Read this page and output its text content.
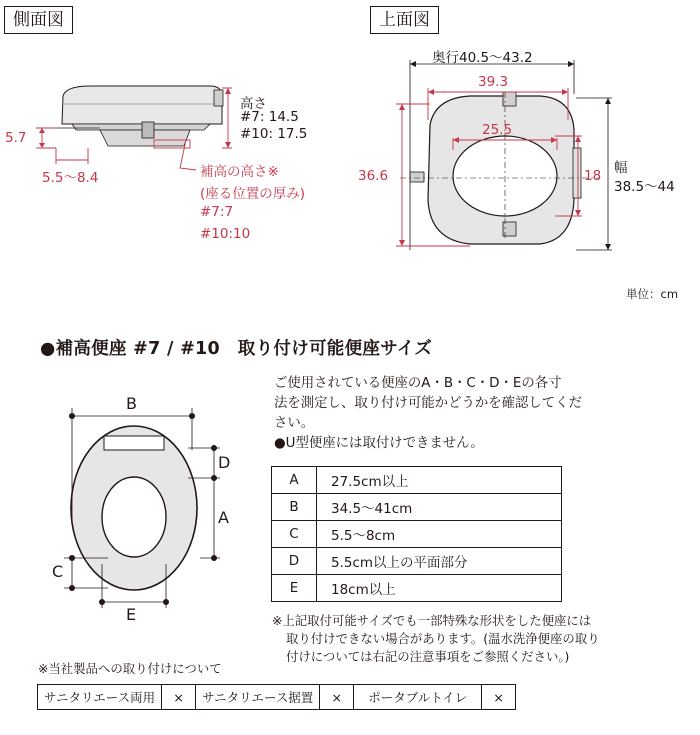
側面図
高さ
#7: 14.5
#10: 17.5
5.7
5.5〜8.4	補高の高さ※
(座る位置の厚み)
#7:7
#10:10
上面図
奥行40.5〜43.2
39.3
25.5
36.6	18 幅
38.5〜44
単位：cm
●補高便座 #7 / #10　取り付け可能便座サイズ
B
D
A
C
E
ご使用されている便座のA・B・C・D・Eの各寸
法を測定し、取り付け可能かどうかを確認してくだ
さい。
●U型便座には取付けできません。
A	27.5cm以上
B	34.5〜41cm
C	5.5〜8cm
D	5.5cm以上の平面部分
E	18cm以上
※上記取付可能サイズでも一部特殊な形状をした便座には
取り付けできない場合があります。(温水洗浄便座の取り
付けについては右記の注意事項をご参照ください。)
※当社製品への取り付けについて
サニタリエース両用	×	サニタリエース据置	×	ポータブルトイレ	×
